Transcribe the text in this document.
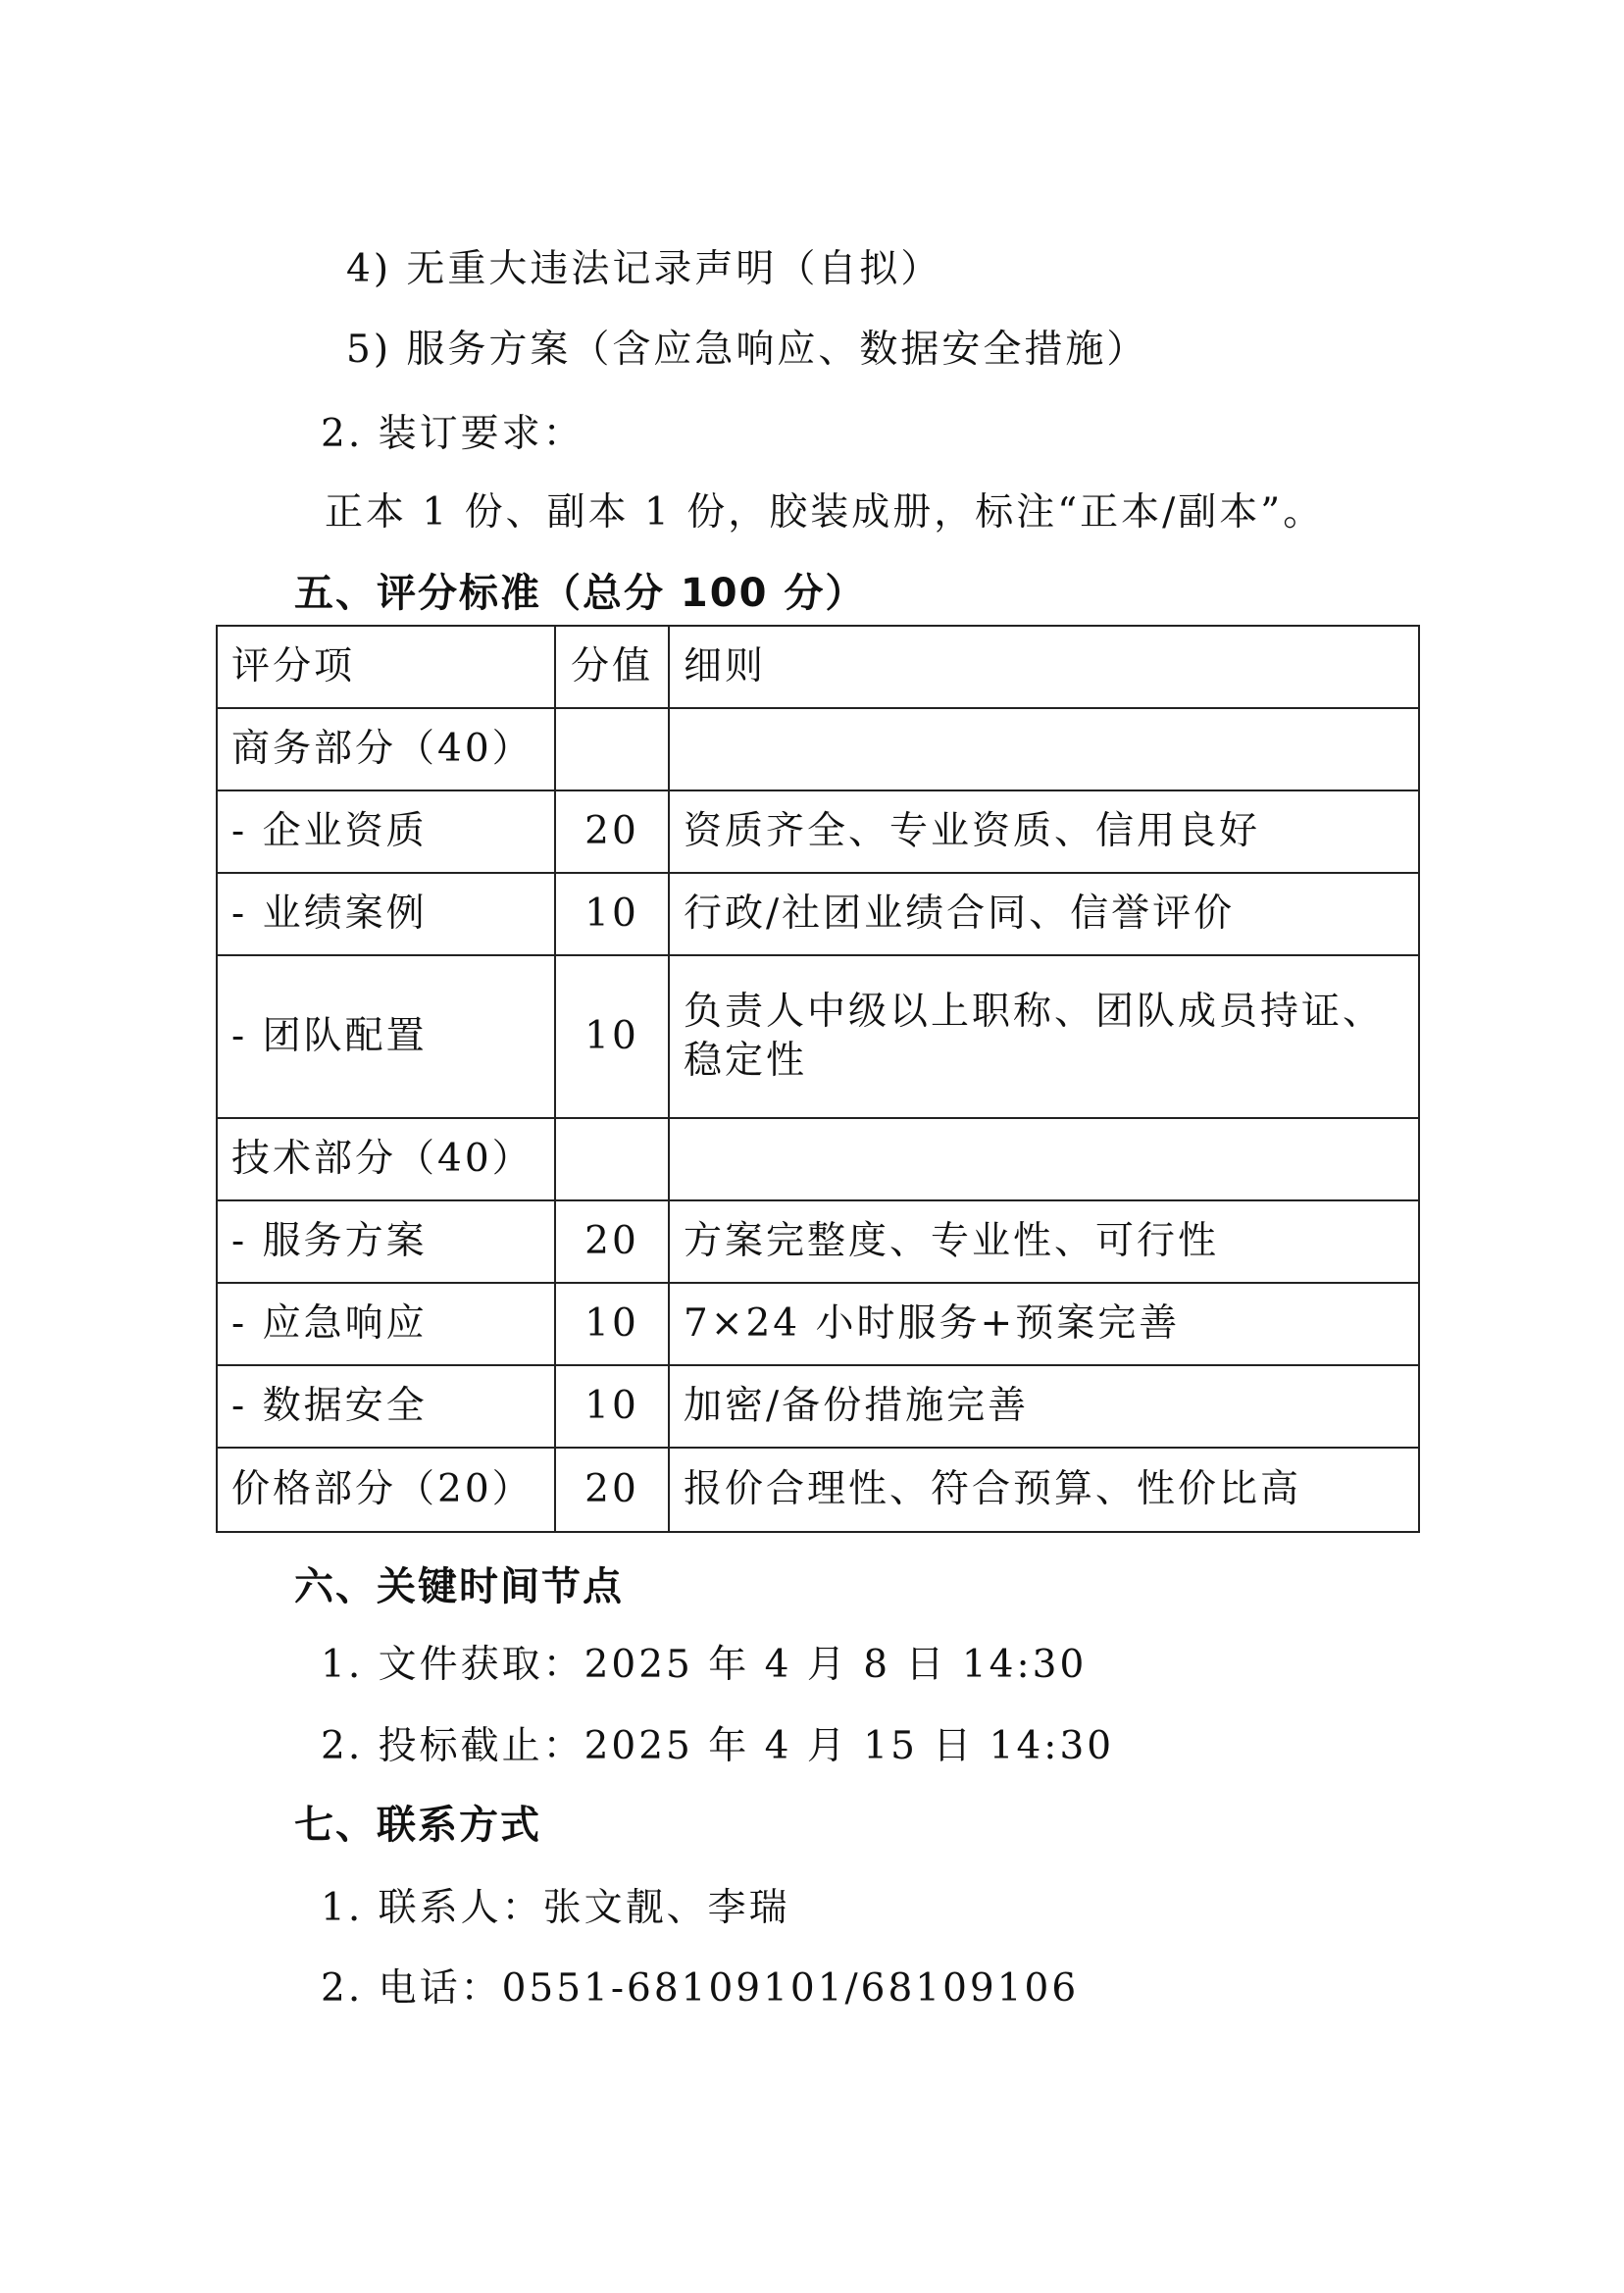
4) 无重大违法记录声明（自拟）
5) 服务方案（含应急响应、数据安全措施）
2. 装订要求：
正本 1 份、副本 1 份，胶装成册，标注“正本/副本”。
五、评分标准（总分 100 分）
评分项	分值	细则
商务部分（40）		
- 企业资质	20	资质齐全、专业资质、信用良好
- 业绩案例	10	行政/社团业绩合同、信誉评价
- 团队配置	10	负责人中级以上职称、团队成员持证、稳定性
技术部分（40）		
- 服务方案	20	方案完整度、专业性、可行性
- 应急响应	10	7×24 小时服务+预案完善
- 数据安全	10	加密/备份措施完善
价格部分（20）	20	报价合理性、符合预算、性价比高
六、关键时间节点
1. 文件获取：2025 年 4 月 8 日 14:30
2. 投标截止：2025 年 4 月 15 日 14:30
七、联系方式
1. 联系人：张文靓、李瑞
2. 电话：0551-68109101/68109106
